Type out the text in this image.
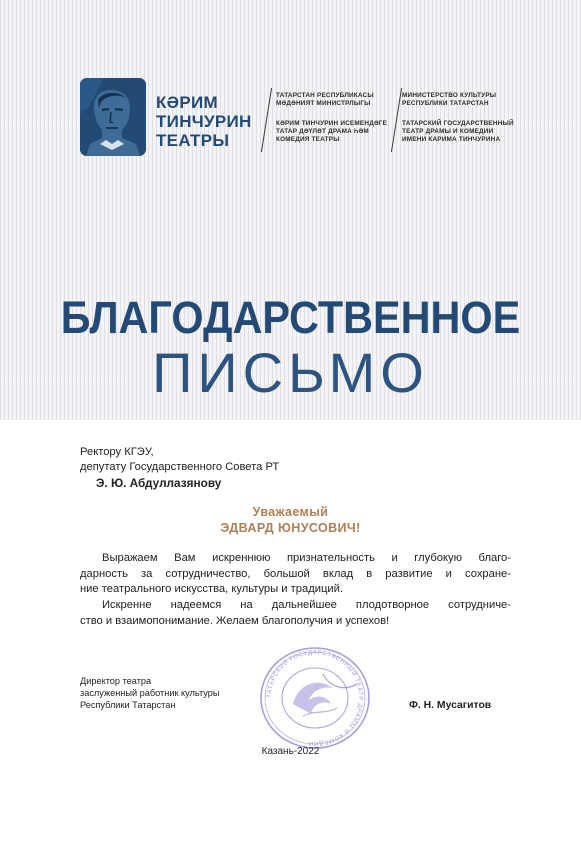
КӘРИМ
ТИНЧУРИН
ТЕАТРЫ
ТАТАРСТАН РЕСПУБЛИКАСЫ
МӘДӘНИЯТ МИНИСТРЛЫГЫ
КӘРИМ ТИНЧУРИН ИСЕМЕНДӘГЕ
ТАТАР ДӘҮЛӘТ ДРАМА ҺӘМ
КОМЕДИЯ ТЕАТРЫ
МИНИСТЕРСТВО КУЛЬТУРЫ
РЕСПУБЛИКИ ТАТАРСТАН
ТАТАРСКИЙ ГОСУДАРСТВЕННЫЙ
ТЕАТР ДРАМЫ И КОМЕДИИ
ИМЕНИ КАРИМА ТИНЧУРИНА
БЛАГОДАРСТВЕННОЕ
ПИСЬМО
Ректору КГЭУ,
депутату Государственного Совета РТ
Э. Ю. Абдуллазянову
Уважаемый
ЭДВАРД ЮНУСОВИЧ!
Выражаем Вам искреннюю признательность и глубокую благо-
дарность за сотрудничество, большой вклад в развитие и сохране-
ние театрального искусства, культуры и традиций.
Искренне надеемся на дальнейшее плодотворное сотрудниче-
ство и взаимопонимание. Желаем благополучия и успехов!
ТАТАРСКИЙ ГОСУДАРСТВЕННЫЙ ТЕАТР ДРАМЫ И КОМЕДИИ
Директор театра
заслуженный работник культуры
Республики Татарстан	Ф. Н. Мусагитов
Казань-2022
